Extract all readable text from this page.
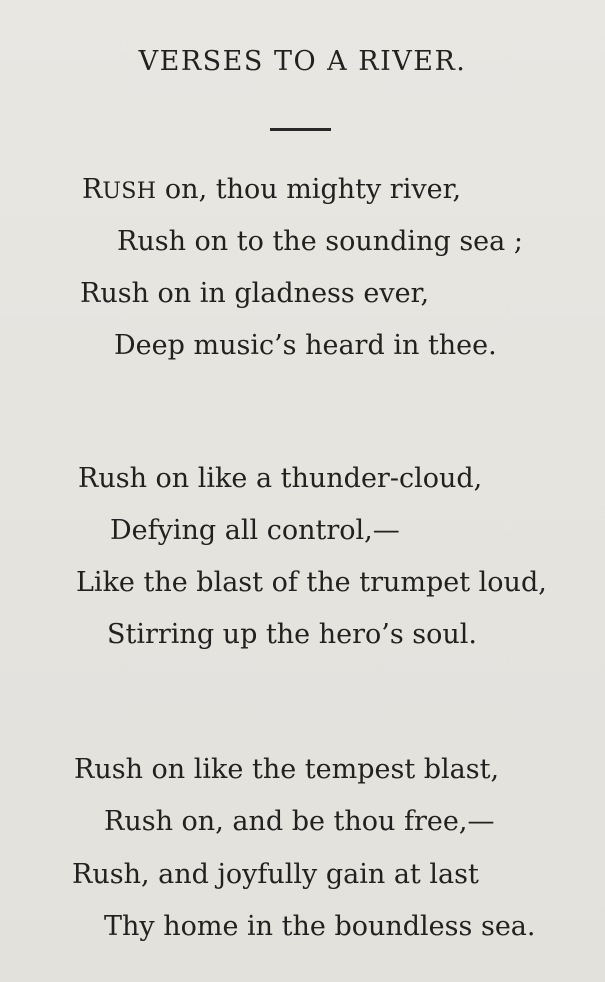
VERSES TO A RIVER.
RUSH on, thou mighty river,
Rush on to the sounding sea ;
Rush on in gladness ever,
Deep music’s heard in thee.
Rush on like a thunder-cloud,
Defying all control,—
Like the blast of the trumpet loud,
Stirring up the hero’s soul.
Rush on like the tempest blast,
Rush on, and be thou free,—
Rush, and joyfully gain at last
Thy home in the boundless sea.
